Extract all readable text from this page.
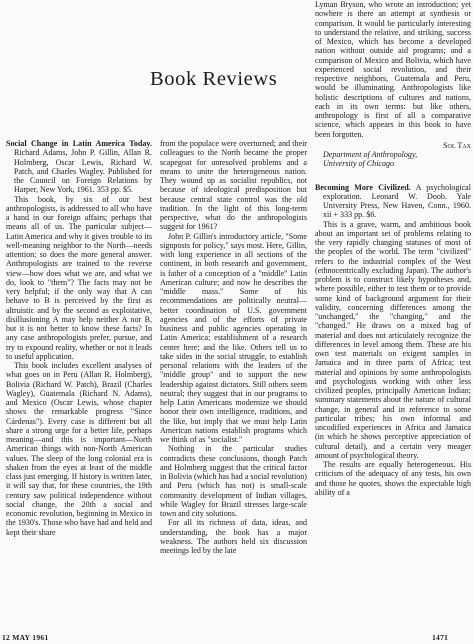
Book Reviews

Social Change in Latin America Today. Richard Adams, John P. Gillin, Allan R. Holmberg, Oscar Lewis, Richard W. Patch, and Charles Wagley. Published for the Council on Foreign Relations by Harper, New York, 1961. 353 pp. $5.

This book, by six of our best anthropologists, is addressed to all who have a hand in our foreign affairs; perhaps that means all of us. The particular subject—Latin America and why it gives trouble to its well-meaning neighbor to the North—needs attention; so does the more general answer. Anthropologists are trained to the reverse view—how does what we are, and what we do, look to "them"? The facts may not be very helpful; if the only way that A can behave to B is perceived by the first as altruistic and by the second as exploitative, disillusioning A may help neither A nor B, but it is not better to know these facts? In any case anthropologists prefer, pursue, and try to expound reality, whether or not it leads to useful application.

This book includes excellent analyses of what goes on in Peru (Allan R. Holmberg), Bolivia (Richard W. Patch), Brazil (Charles Wagley), Guatemala (Richard N. Adams), and Mexico (Oscar Lewis, whose chapter shows the remarkable progress "Since Cárdenas"). Every case is different but all share a strong urge for a better life, perhaps meaning—and this is important—North American things with non-North American values. The sleep of the long colonial era is shaken from the eyes at least of the middle class just emerging. If history is written later, it will say that, for these countries, the 19th century saw political independence without social change, the 20th a social and economic revolution, beginning in Mexico in the 1930's. Those who have had and held and kept their share

from the populace were overturned; and their colleagues to the North became the proper scapegoat for unresolved problems and a means to unite the heterogeneous nation. They wound up as socialist republics, not because of ideological predisposition but because central state control was the old tradition. In the light of this long-term perspective, what do the anthropologists suggest for 1961?

John P. Gillin's introductory article, "Some signposts for policy," says most. Here, Gillin, with long experience in all sections of the continent, in both research and government, is father of a conception of a "middle" Latin American culture; and now he describes the "middle mass." Some of his recommendations are politically neutral—better coordination of U.S. government agencies and of the efforts of private business and public agencies operating in Latin America; establishment of a research center here; and the like. Others tell us to take sides in the social struggle, to establish personal relations with the leaders of the "middle group" and to support the new leadership against dictators. Still others seem neutral; they suggest that in our programs to help Latin Americans modernize we should honor their own intelligence, traditions, and the like, but imply that we must help Latin American nations establish programs which we think of as "socialist."

Nothing in the particular studies contradicts these conclusions, though Patch and Holmberg suggest that the critical factor in Bolivia (which has had a social revolution) and Peru (which has not) is small-scale community development of Indian villages, while Wagley for Brazil stresses large-scale town and city solutions.

For all its richness of data, ideas, and understanding, the book has a major weakness. The authors held six discussion meetings led by the late

Lyman Bryson, who wrote an introduction; yet nowhere is there an attempt at synthesis or comparison. It would be particularly interesting to understand the relative, and striking, success of Mexico, which has become a developed nation without outside aid programs; and a comparison of Mexico and Bolivia, which have experienced social revolution, and their respective neighbors, Guatemala and Peru, would be illuminating. Anthropologists like holistic descriptions of cultures and nations, each in its own terms: but like others, anthropology is first of all a comparative science, which appears in this book to have been forgotten.

Sol Tax
Department of Anthropology,
University of Chicago

Becoming More Civilized. A psychological exploration. Leonard W. Doob. Yale University Press, New Haven, Conn., 1960. xii + 333 pp. $6.

This is a grave, warm, and ambitious book about an important set of problems relating to the very rapidly changing statuses of most of the peoples of the world. The term "civilized" refers to the industrial complex of the West (ethnocentrically excluding Japan). The author's problem is to construct likely hypotheses and, where possible, either to test them or to provide some kind of background argument for their validity, concerning differences among the "unchanged," the "changing," and the "changed." He draws on a mixed bag of material and does not articulately recognize the differences in level among them. These are his own test materials on exigent samples in Jamaica and in three parts of Africa; test material and opinions by some anthropologists and psychologists working with other less civilized peoples, principally American Indian; summary statements about the nature of cultural change, in general and in reference to some particular tribes; his own informal and uncodified experiences in Africa and Jamaica (in which he shows perceptive appreciation of cultural detail), and a certain very meager amount of psychological theory.

The results are equally heterogeneous. His criticism of the adequacy of any tests, his own and those he quotes, shows the expectable high ability of a

12 MAY 1961	1471
